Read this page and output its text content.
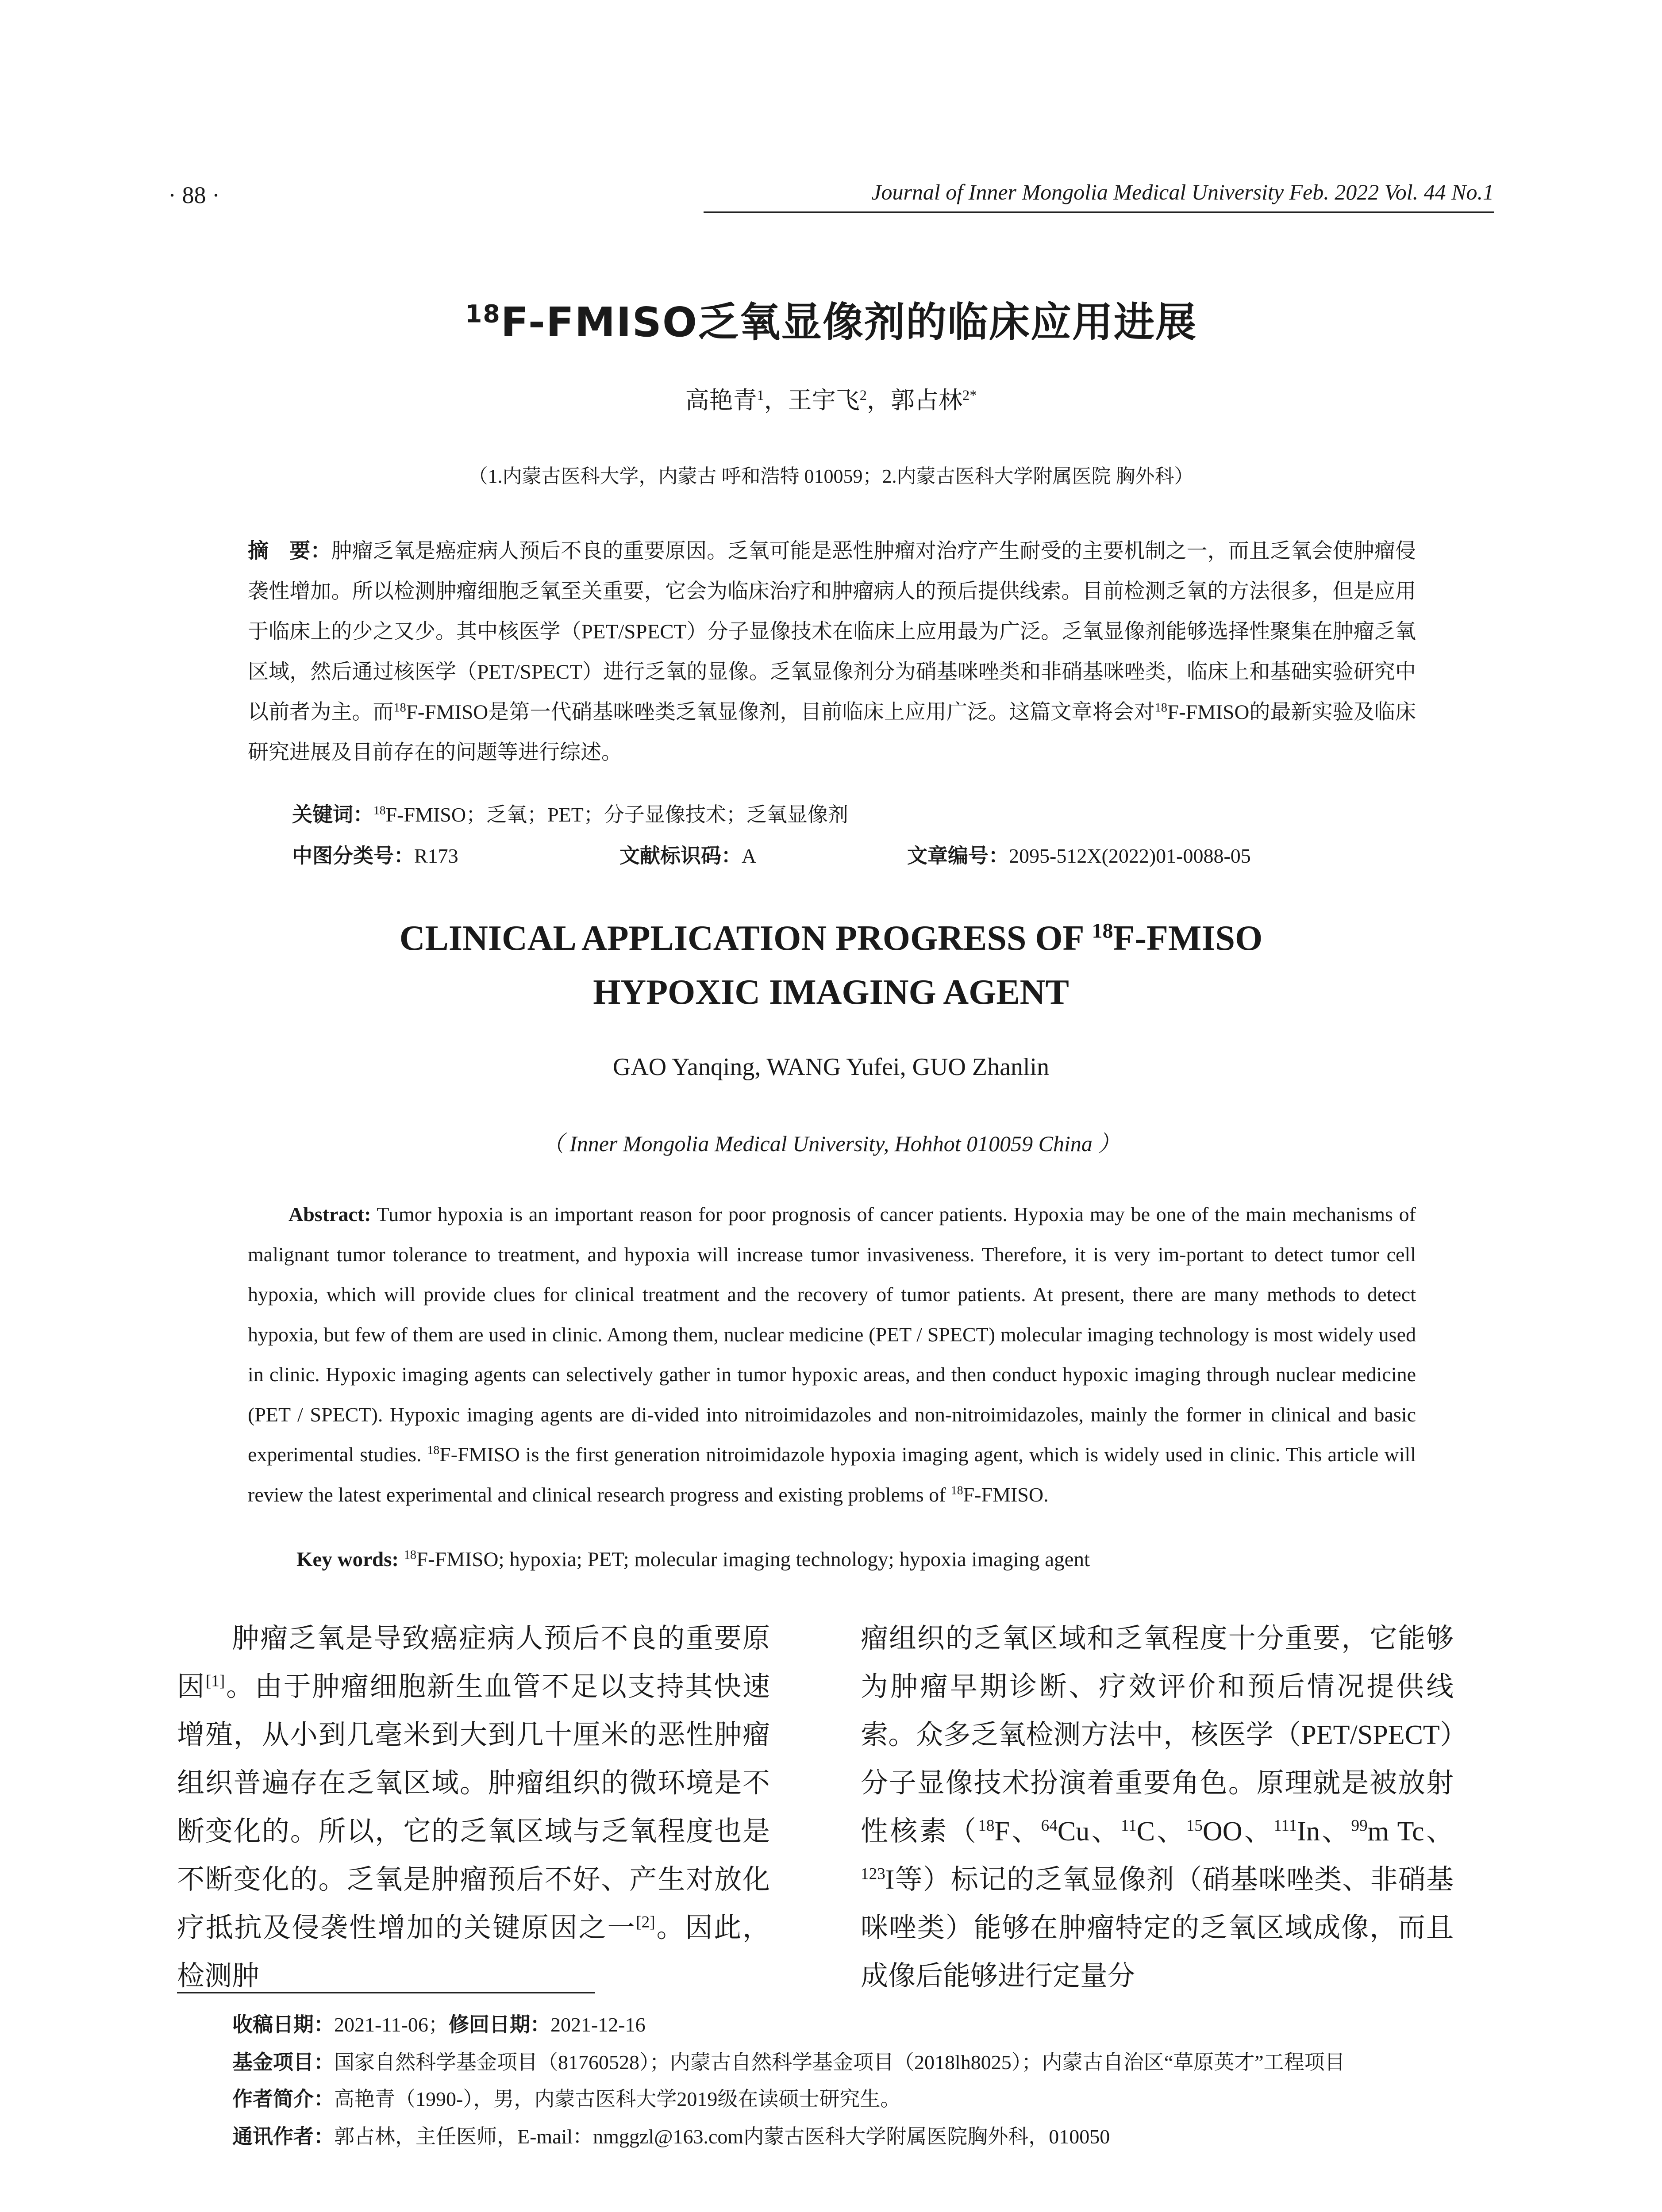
· 88 ·	Journal of Inner Mongolia Medical University Feb. 2022 Vol. 44 No.1
$^{18}$F-FMISO乏氧显像剂的临床应用进展
高艳青$^1$，王宇飞$^2$，郭占林$^{2*}$
（1.内蒙古医科大学，内蒙古 呼和浩特 010059；2.内蒙古医科大学附属医院 胸外科）
摘　要：肿瘤乏氧是癌症病人预后不良的重要原因。乏氧可能是恶性肿瘤对治疗产生耐受的主要机制之一，而且乏氧会使肿瘤侵袭性增加。所以检测肿瘤细胞乏氧至关重要，它会为临床治疗和肿瘤病人的预后提供线索。目前检测乏氧的方法很多，但是应用于临床上的少之又少。其中核医学（PET/SPECT）分子显像技术在临床上应用最为广泛。乏氧显像剂能够选择性聚集在肿瘤乏氧区域，然后通过核医学（PET/SPECT）进行乏氧的显像。乏氧显像剂分为硝基咪唑类和非硝基咪唑类，临床上和基础实验研究中以前者为主。而$^{18}$F-FMISO是第一代硝基咪唑类乏氧显像剂，目前临床上应用广泛。这篇文章将会对$^{18}$F-FMISO的最新实验及临床研究进展及目前存在的问题等进行综述。
关键词：$^{18}$F-FMISO；乏氧；PET；分子显像技术；乏氧显像剂
中图分类号：R173	文献标识码：A	文章编号：2095-512X(2022)01-0088-05
CLINICAL APPLICATION PROGRESS OF $^{18}$F-FMISO
HYPOXIC IMAGING AGENT
GAO Yanqing, WANG Yufei, GUO Zhanlin
（ Inner Mongolia Medical University, Hohhot 010059 China ）
  Abstract: Tumor hypoxia is an important reason for poor prognosis of cancer patients. Hypoxia may be one of the main mechanisms of malignant tumor tolerance to treatment, and hypoxia will increase tumor invasiveness. Therefore, it is very im-portant to detect tumor cell hypoxia, which will provide clues for clinical treatment and the recovery of tumor patients. At present, there are many methods to detect hypoxia, but few of them are used in clinic. Among them, nuclear medicine (PET / SPECT) molecular imaging technology is most widely used in clinic. Hypoxic imaging agents can selectively gather in tumor hypoxic areas, and then conduct hypoxic imaging through nuclear medicine (PET / SPECT). Hypoxic imaging agents are di-vided into nitroimidazoles and non-nitroimidazoles, mainly the former in clinical and basic experimental studies. $^{18}$F-FMISO is the first generation nitroimidazole hypoxia imaging agent, which is widely used in clinic. This article will review the latest experimental and clinical research progress and existing problems of $^{18}$F-FMISO.
Key words: $^{18}$F-FMISO; hypoxia; PET; molecular imaging technology; hypoxia imaging agent
肿瘤乏氧是导致癌症病人预后不良的重要原因[1]。由于肿瘤细胞新生血管不足以支持其快速增殖，从小到几毫米到大到几十厘米的恶性肿瘤组织普遍存在乏氧区域。肿瘤组织的微环境是不断变化的。所以，它的乏氧区域与乏氧程度也是不断变化的。乏氧是肿瘤预后不好、产生对放化疗抵抗及侵袭性增加的关键原因之一[2]。因此，检测肿
瘤组织的乏氧区域和乏氧程度十分重要，它能够为肿瘤早期诊断、疗效评价和预后情况提供线索。众多乏氧检测方法中，核医学（PET/SPECT）分子显像技术扮演着重要角色。原理就是被放射性核素（$^{18}$F、$^{64}$Cu、$^{11}$C、$^{15}$OO、$^{111}$In、$^{99}$m Tc、$^{123}$I等）标记的乏氧显像剂（硝基咪唑类、非硝基咪唑类）能够在肿瘤特定的乏氧区域成像，而且成像后能够进行定量分
收稿日期：2021-11-06；修回日期：2021-12-16
基金项目：国家自然科学基金项目（81760528）；内蒙古自然科学基金项目（2018lh8025）；内蒙古自治区“草原英才”工程项目
作者简介：高艳青（1990-），男，内蒙古医科大学2019级在读硕士研究生。
通讯作者：郭占林，主任医师，E-mail：nmggzl@163.com内蒙古医科大学附属医院胸外科，010050
